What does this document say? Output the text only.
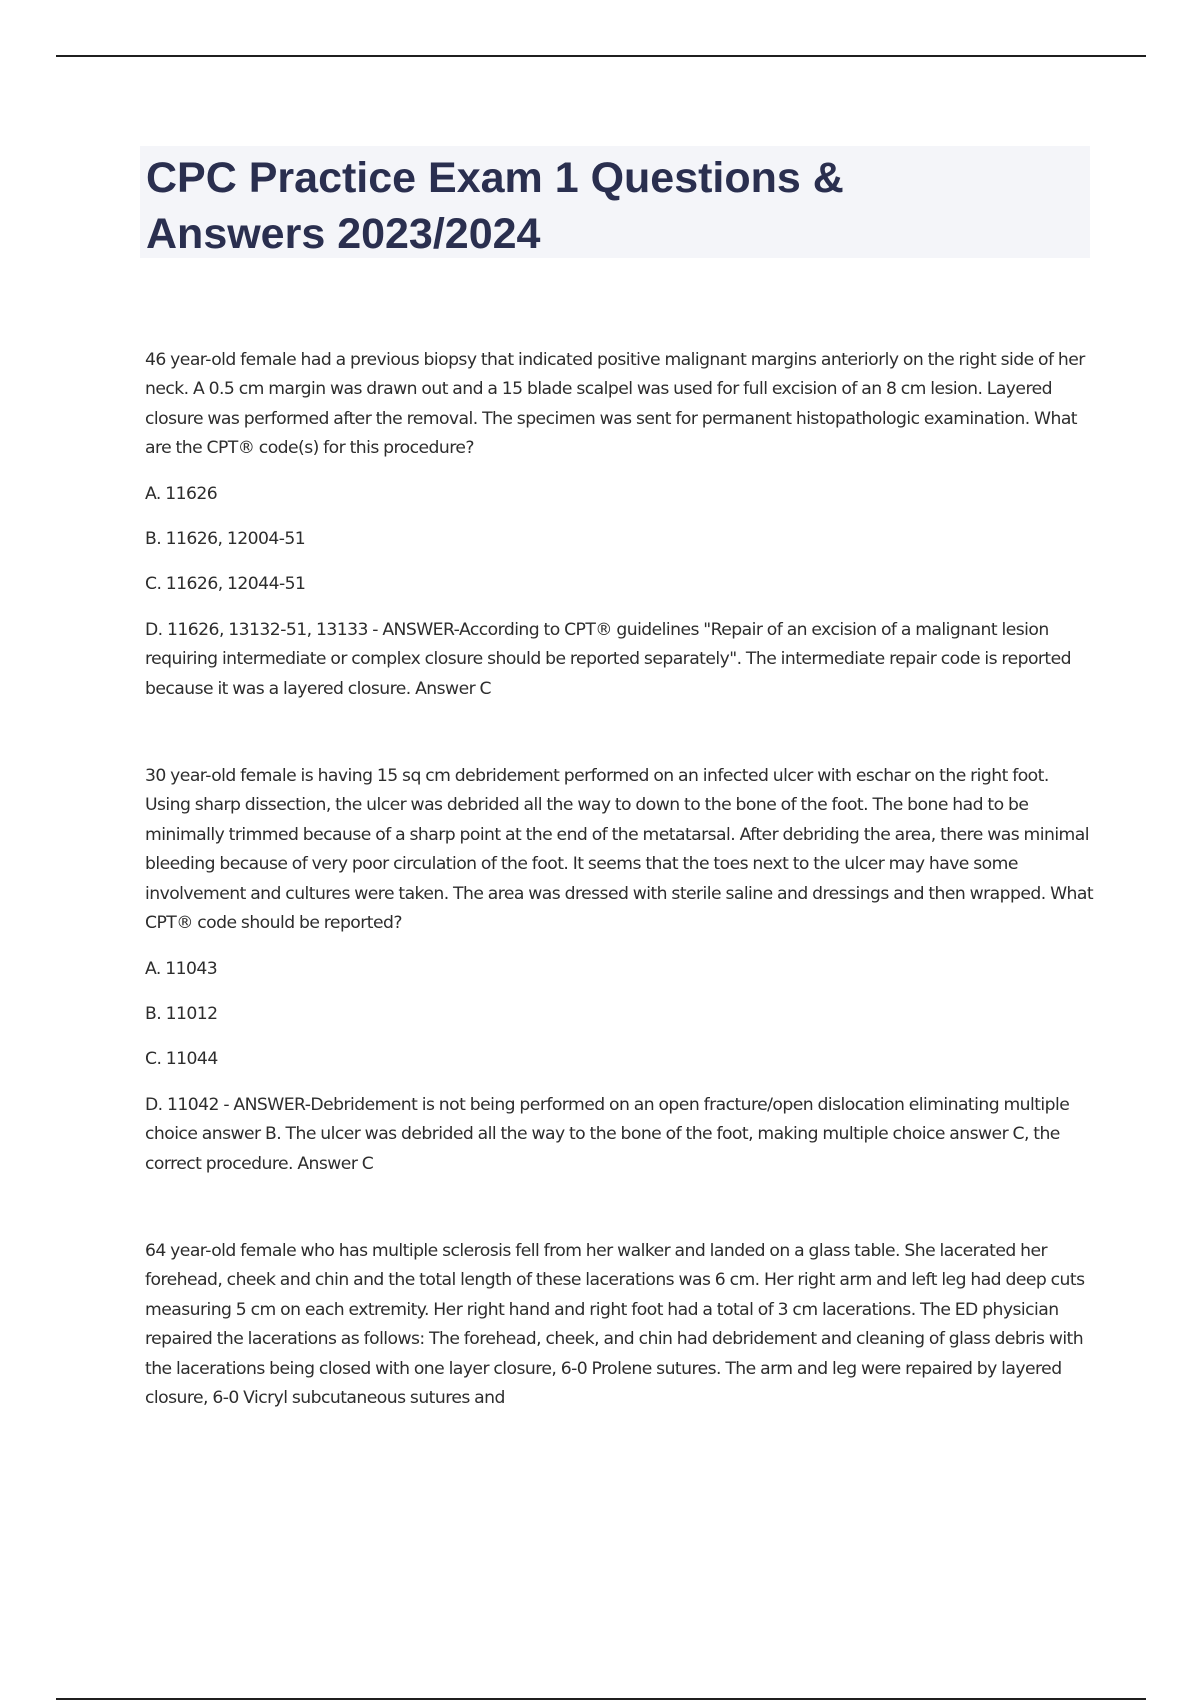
CPC Practice Exam 1 Questions &
Answers 2023/2024

46 year-old female had a previous biopsy that indicated positive malignant margins anteriorly on the right side of her neck. A 0.5 cm margin was drawn out and a 15 blade scalpel was used for full excision of an 8 cm lesion. Layered closure was performed after the removal. The specimen was sent for permanent histopathologic examination. What are the CPT® code(s) for this procedure?

A. 11626

B. 11626, 12004-51

C. 11626, 12044-51

D. 11626, 13132-51, 13133 - ANSWER-According to CPT® guidelines "Repair of an excision of a malignant lesion requiring intermediate or complex closure should be reported separately". The intermediate repair code is reported because it was a layered closure. Answer C

30 year-old female is having 15 sq cm debridement performed on an infected ulcer with eschar on the right foot. Using sharp dissection, the ulcer was debrided all the way to down to the bone of the foot. The bone had to be minimally trimmed because of a sharp point at the end of the metatarsal. After debriding the area, there was minimal bleeding because of very poor circulation of the foot. It seems that the toes next to the ulcer may have some involvement and cultures were taken. The area was dressed with sterile saline and dressings and then wrapped. What CPT® code should be reported?

A. 11043

B. 11012

C. 11044

D. 11042 - ANSWER-Debridement is not being performed on an open fracture/open dislocation eliminating multiple choice answer B. The ulcer was debrided all the way to the bone of the foot, making multiple choice answer C, the correct procedure. Answer C

64 year-old female who has multiple sclerosis fell from her walker and landed on a glass table. She lacerated her forehead, cheek and chin and the total length of these lacerations was 6 cm. Her right arm and left leg had deep cuts measuring 5 cm on each extremity. Her right hand and right foot had a total of 3 cm lacerations. The ED physician repaired the lacerations as follows: The forehead, cheek, and chin had debridement and cleaning of glass debris with the lacerations being closed with one layer closure, 6-0 Prolene sutures. The arm and leg were repaired by layered closure, 6-0 Vicryl subcutaneous sutures and
